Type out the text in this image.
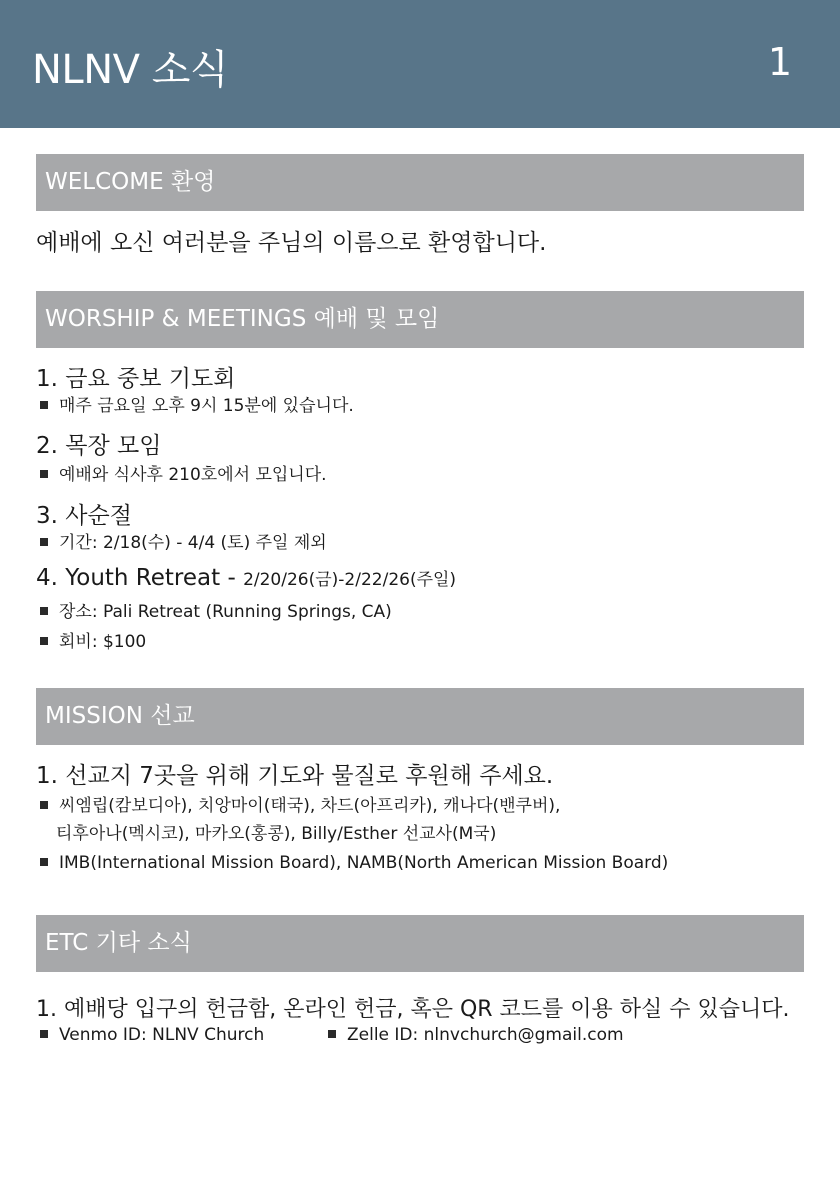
NLNV 소식	1
WELCOME 환영
예배에 오신 여러분을 주님의 이름으로 환영합니다.
WORSHIP & MEETINGS 예배 및 모임
1. 금요 중보 기도회
매주 금요일 오후 9시 15분에 있습니다.
2. 목장 모임
예배와 식사후 210호에서 모입니다.
3. 사순절
기간: 2/18(수) - 4/4 (토) 주일 제외
4. Youth Retreat - 2/20/26(금)-2/22/26(주일)
장소: Pali Retreat (Running Springs, CA)
회비: $100
MISSION 선교
1. 선교지 7곳을 위해 기도와 물질로 후원해 주세요.
씨엠립(캄보디아), 치앙마이(태국), 차드(아프리카), 캐나다(밴쿠버),
티후아나(멕시코), 마카오(홍콩), Billy/Esther 선교사(M국)
IMB(International Mission Board), NAMB(North American Mission Board)
ETC 기타 소식
1. 예배당 입구의 헌금함, 온라인 헌금, 혹은 QR 코드를 이용 하실 수 있습니다.
Venmo ID: NLNV Church	Zelle ID: nlnvchurch@gmail.com
